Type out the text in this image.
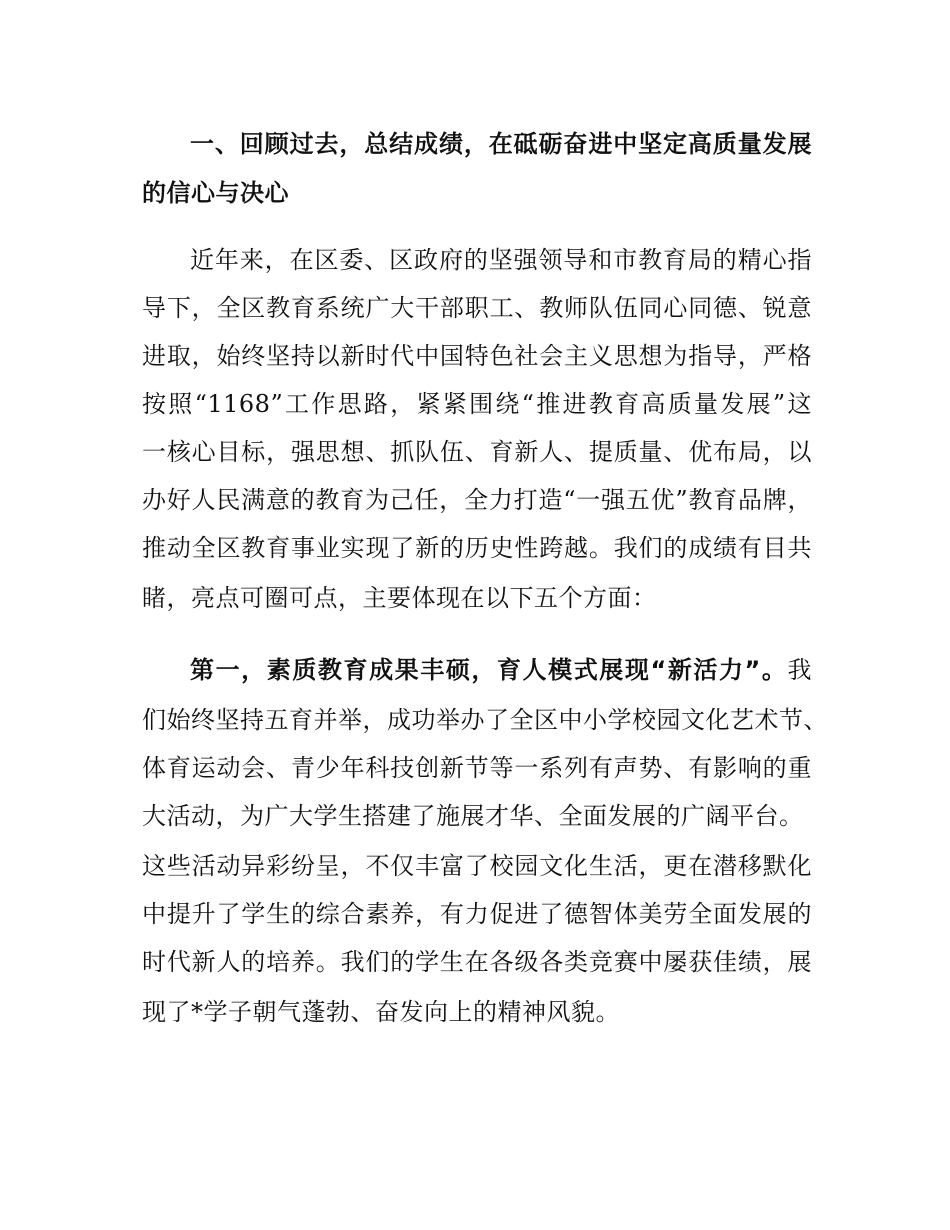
一、回顾过去，总结成绩，在砥砺奋进中坚定高质量发展
的信心与决心
近年来，在区委、区政府的坚强领导和市教育局的精心指
导下，全区教育系统广大干部职工、教师队伍同心同德、锐意
进取，始终坚持以新时代中国特色社会主义思想为指导，严格
按照“1168”工作思路，紧紧围绕“推进教育高质量发展”这
一核心目标，强思想、抓队伍、育新人、提质量、优布局，以
办好人民满意的教育为己任，全力打造“一强五优”教育品牌，
推动全区教育事业实现了新的历史性跨越。我们的成绩有目共
睹，亮点可圈可点，主要体现在以下五个方面：
第一，素质教育成果丰硕，育人模式展现“新活力”。我
们始终坚持五育并举，成功举办了全区中小学校园文化艺术节、
体育运动会、青少年科技创新节等一系列有声势、有影响的重
大活动，为广大学生搭建了施展才华、全面发展的广阔平台。
这些活动异彩纷呈，不仅丰富了校园文化生活，更在潜移默化
中提升了学生的综合素养，有力促进了德智体美劳全面发展的
时代新人的培养。我们的学生在各级各类竞赛中屡获佳绩，展
现了*学子朝气蓬勃、奋发向上的精神风貌。
